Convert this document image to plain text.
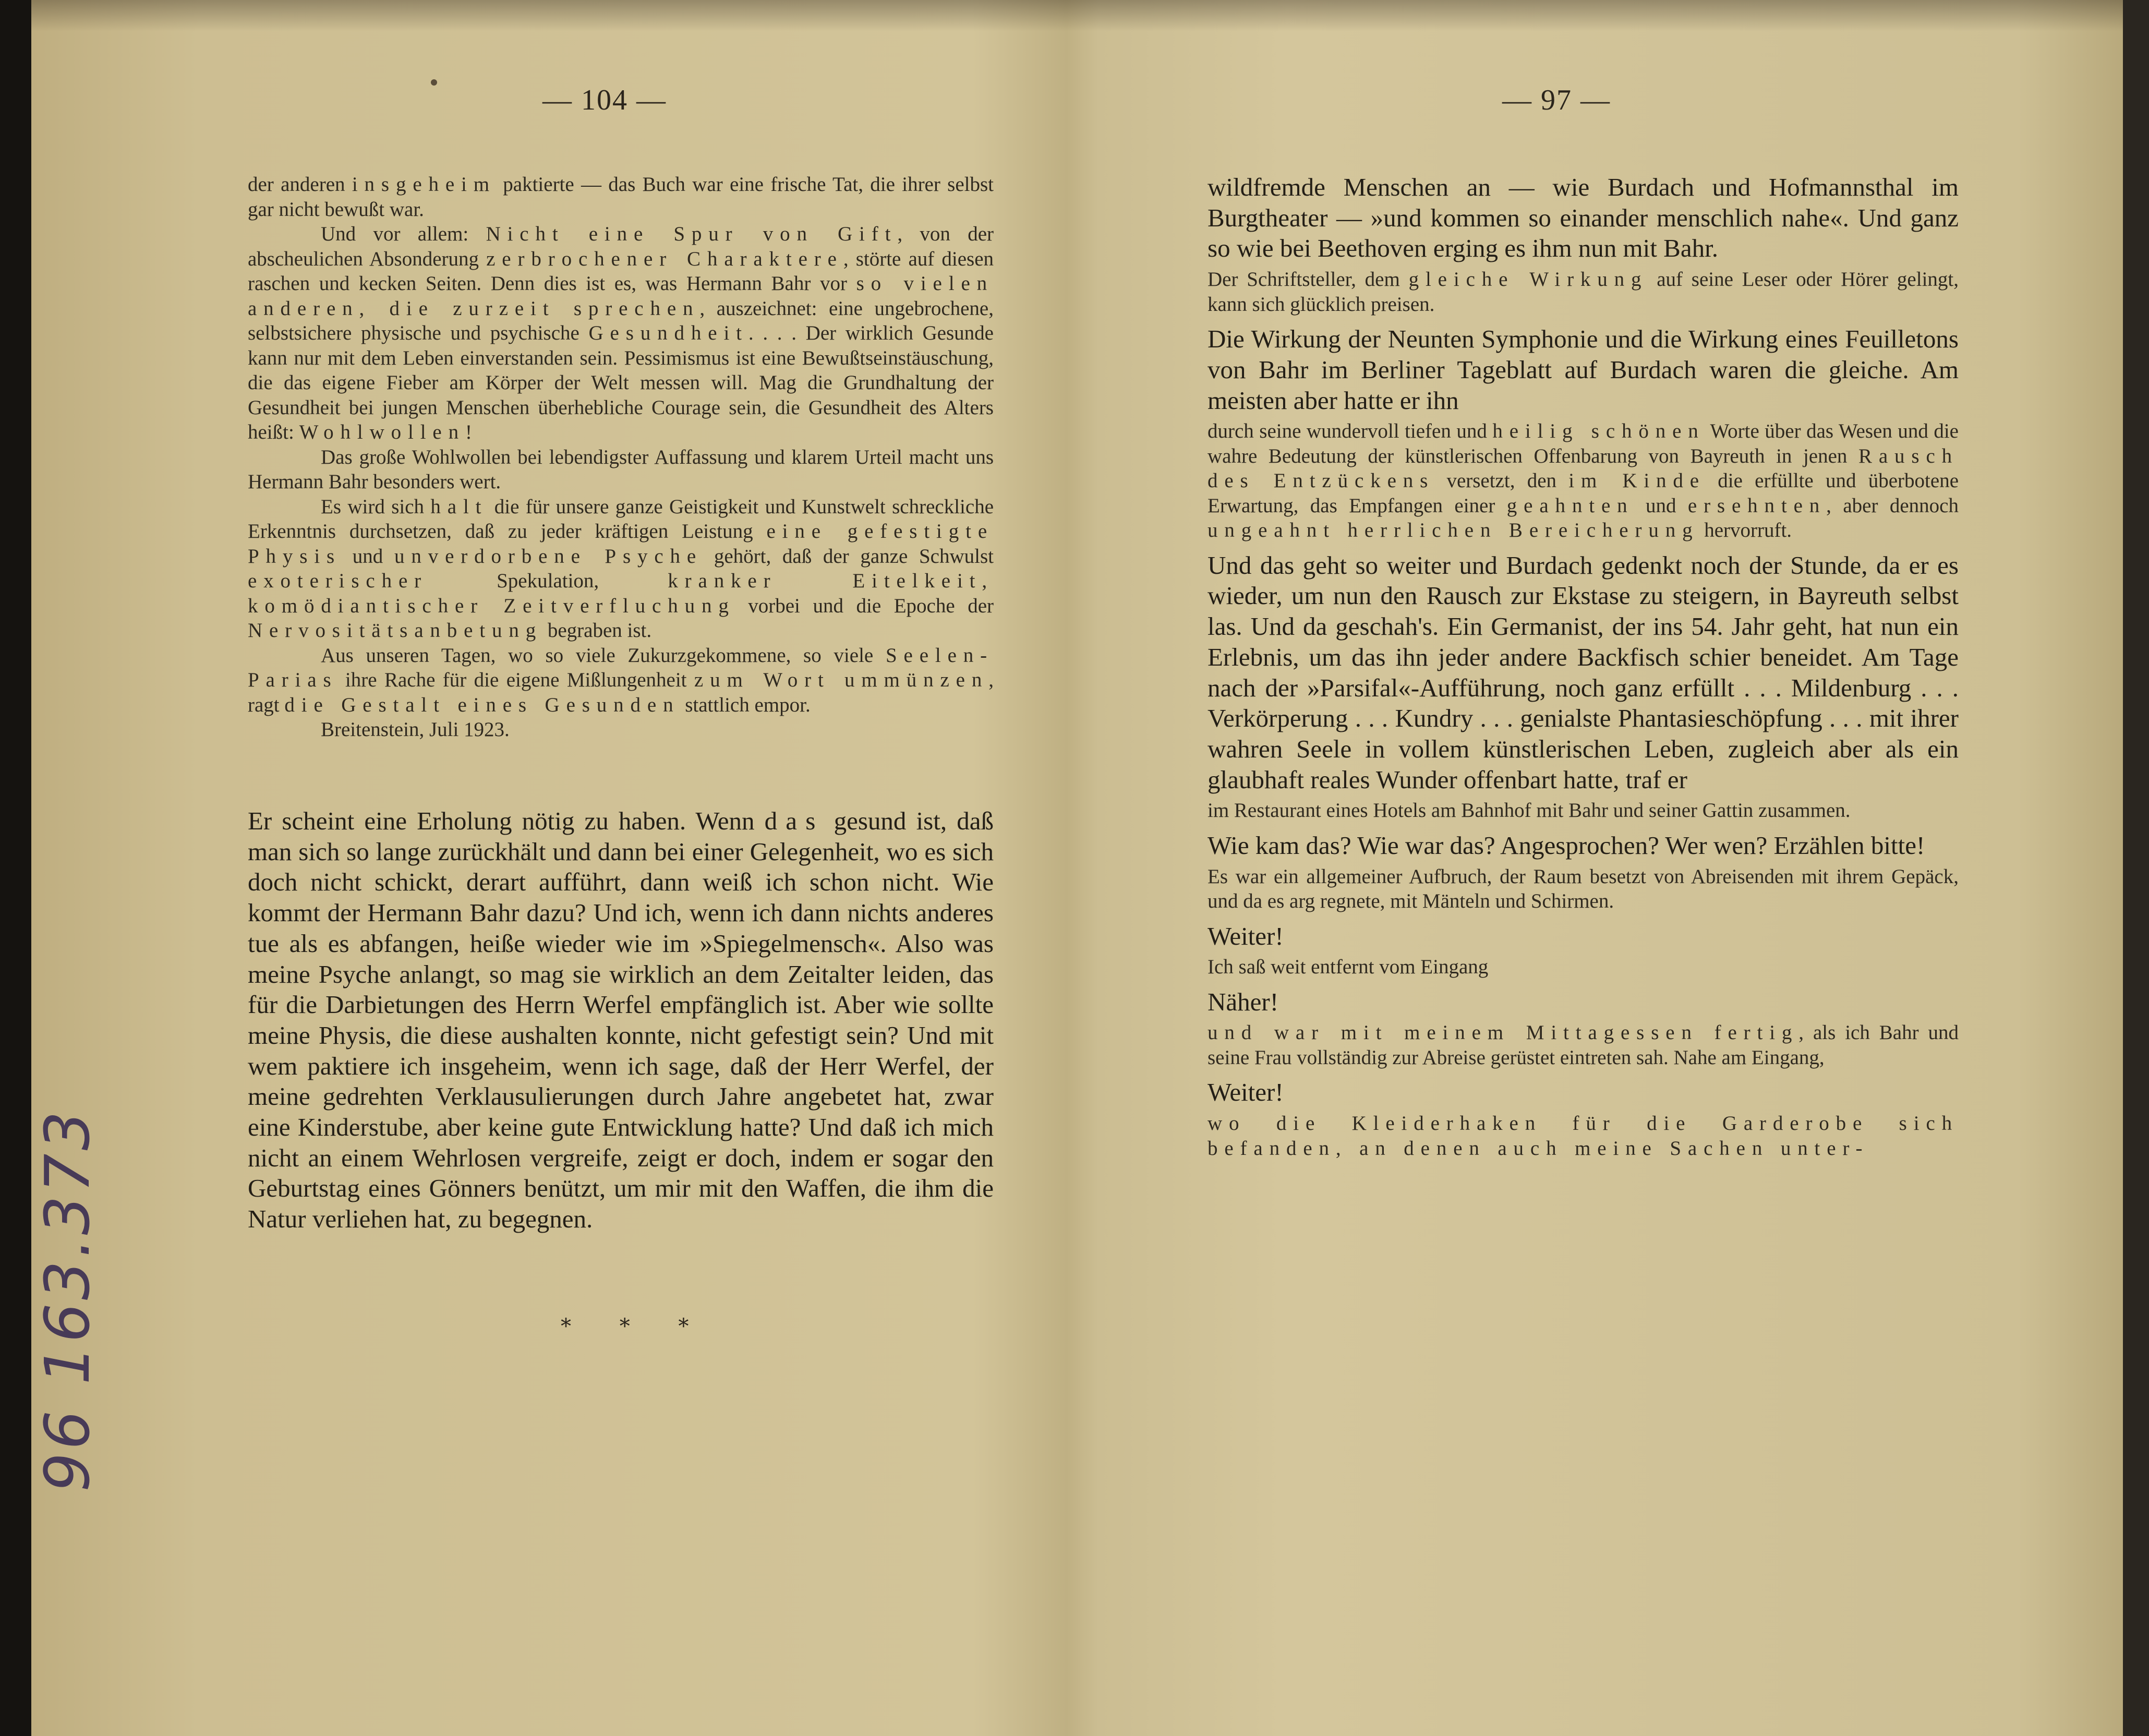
— 104 —

der anderen insgeheim paktierte — das Buch war eine frische Tat, die ihrer selbst gar nicht bewußt war.

Und vor allem: Nicht eine Spur von Gift, von der abscheulichen Absonderung zerbrochener Charaktere, störte auf diesen raschen und kecken Seiten. Denn dies ist es, was Hermann Bahr vor so vielen anderen, die zurzeit sprechen, auszeichnet: eine ungebrochene, selbstsichere physische und psychische Gesundheit. . . . Der wirklich Gesunde kann nur mit dem Leben einverstanden sein. Pessimismus ist eine Bewußtseinstäuschung, die das eigene Fieber am Körper der Welt messen will. Mag die Grundhaltung der Gesundheit bei jungen Menschen überhebliche Courage sein, die Gesundheit des Alters heißt: Wohlwollen!

Das große Wohlwollen bei lebendigster Auffassung und klarem Urteil macht uns Hermann Bahr besonders wert.

Es wird sich halt die für unsere ganze Geistigkeit und Kunstwelt schreckliche Erkenntnis durchsetzen, daß zu jeder kräftigen Leistung eine gefestigte Physis und unverdorbene Psyche gehört, daß der ganze Schwulst exoterischer Spekulation, kranker Eitelkeit, komödiantischer Zeitverfluchung vorbei und die Epoche der Nervositätsanbetung begraben ist.

Aus unseren Tagen, wo so viele Zukurzgekommene, so viele Seelen-Parias ihre Rache für die eigene Mißlungenheit zum Wort ummünzen, ragt die Gestalt eines Gesunden stattlich empor.

Breitenstein, Juli 1923.

Er scheint eine Erholung nötig zu haben. Wenn das gesund ist, daß man sich so lange zurückhält und dann bei einer Gelegenheit, wo es sich doch nicht schickt, derart aufführt, dann weiß ich schon nicht. Wie kommt der Hermann Bahr dazu? Und ich, wenn ich dann nichts anderes tue als es abfangen, heiße wieder wie im »Spiegelmensch«. Also was meine Psyche anlangt, so mag sie wirklich an dem Zeitalter leiden, das für die Darbietungen des Herrn Werfel empfänglich ist. Aber wie sollte meine Physis, die diese aushalten konnte, nicht gefestigt sein? Und mit wem paktiere ich insgeheim, wenn ich sage, daß der Herr Werfel, der meine gedrehten Verklausulierungen durch Jahre angebetet hat, zwar eine Kinderstube, aber keine gute Entwicklung hatte? Und daß ich mich nicht an einem Wehrlosen vergreife, zeigt er doch, indem er sogar den Geburtstag eines Gönners benützt, um mir mit den Waffen, die ihm die Natur verliehen hat, zu begegnen.

* * *
96 163.373
— 97 —

wildfremde Menschen an — wie Burdach und Hofmannsthal im Burgtheater — »und kommen so einander menschlich nahe«. Und ganz so wie bei Beethoven erging es ihm nun mit Bahr.

Der Schriftsteller, dem gleiche Wirkung auf seine Leser oder Hörer gelingt, kann sich glücklich preisen.

Die Wirkung der Neunten Symphonie und die Wirkung eines Feuilletons von Bahr im Berliner Tageblatt auf Burdach waren die gleiche. Am meisten aber hatte er ihn

durch seine wundervoll tiefen und heilig schönen Worte über das Wesen und die wahre Bedeutung der künstlerischen Offenbarung von Bayreuth in jenen Rausch des Entzückens versetzt, den im Kinde die erfüllte und überbotene Erwartung, das Empfangen einer geahnten und ersehnten, aber dennoch ungeahnt herrlichen Bereicherung hervorruft.

Und das geht so weiter und Burdach gedenkt noch der Stunde, da er es wieder, um nun den Rausch zur Ekstase zu steigern, in Bayreuth selbst las. Und da geschah's. Ein Germanist, der ins 54. Jahr geht, hat nun ein Erlebnis, um das ihn jeder andere Backfisch schier beneidet. Am Tage nach der »Parsifal«-Aufführung, noch ganz erfüllt . . . Mildenburg . . . Verkörperung . . . Kundry . . . genialste Phantasieschöpfung . . . mit ihrer wahren Seele in vollem künstlerischen Leben, zugleich aber als ein glaubhaft reales Wunder offenbart hatte, traf er

im Restaurant eines Hotels am Bahnhof mit Bahr und seiner Gattin zusammen.

Wie kam das? Wie war das? Angesprochen? Wer wen? Erzählen bitte!

Es war ein allgemeiner Aufbruch, der Raum besetzt von Abreisenden mit ihrem Gepäck, und da es arg regnete, mit Mänteln und Schirmen.

Weiter!

Ich saß weit entfernt vom Eingang

Näher!

und war mit meinem Mittagessen fertig, als ich Bahr und seine Frau vollständig zur Abreise gerüstet eintreten sah. Nahe am Eingang,

Weiter!

wo die Kleiderhaken für die Garderobe sich befanden, an denen auch meine Sachen unter-
